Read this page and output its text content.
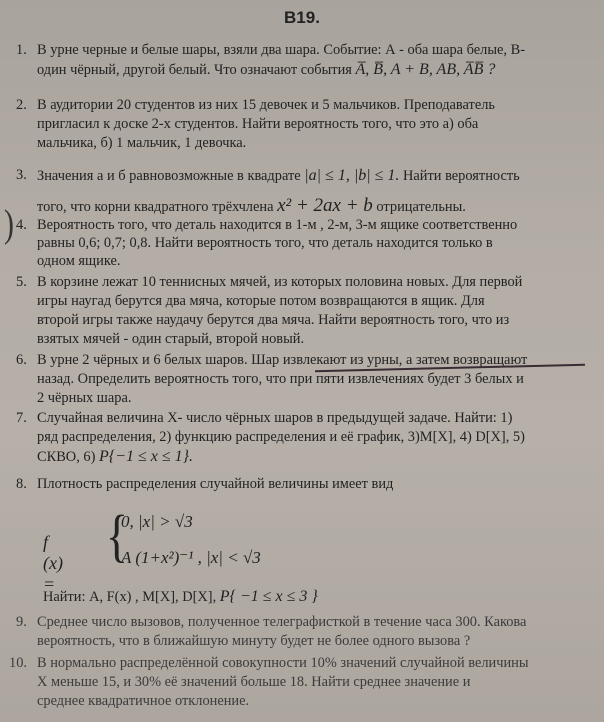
B19.
1. В урне черные и белые шары, взяли два шара. Событие: А - оба шара белые, В-
один чёрный, другой белый. Что означают события A̅, B̅, A + B, AB, A̅B̅ ?
2. В аудитории 20 студентов из них 15 девочек и 5 мальчиков. Преподаватель
пригласил к доске 2-х студентов. Найти вероятность того, что это а) оба
мальчика, б) 1 мальчик, 1 девочка.
3. Значения а и б равновозможные в квадрате |a| ≤ 1, |b| ≤ 1. Найти вероятность
того, что корни квадратного трёхчлена x² + 2ax + b отрицательны.
) 4. Вероятность того, что деталь находится в 1-м , 2-м, 3-м ящике соответственно
равны 0,6; 0,7; 0,8. Найти вероятность того, что деталь находится только в
одном ящике.
5. В корзине лежат 10 теннисных мячей, из которых половина новых. Для первой
игры наугад берутся два мяча, которые потом возвращаются в ящик. Для
второй игры также наудачу берутся два мяча. Найти вероятность того, что из
взятых мячей - один старый, второй новый.
6. В урне 2 чёрных и 6 белых шаров. Шар извлекают из урны, а затем возвращают
назад. Определить вероятность того, что при пяти извлечениях будет 3 белых и
2 чёрных шара.
7. Случайная величина Х- число чёрных шаров в предыдущей задаче. Найти: 1)
ряд распределения, 2) функцию распределения и её график, 3)M[X], 4) D[X], 5)
СКВО, 6) P{−1 ≤ x ≤ 1}.
8. Плотность распределения случайной величины имеет вид
f (x) =
{
0, |x| > √3
A (1+x²)⁻¹ , |x| < √3
Найти: A, F(x) , M[X], D[X], P{ −1 ≤ x ≤ 3 }
9. Среднее число вызовов, полученное телеграфисткой в течение часа 300. Какова
вероятность, что в ближайшую минуту будет не более одного вызова ?
10. В нормально распределённой совокупности 10% значений случайной величины
Х меньше 15, и 30% её значений больше 18. Найти среднее значение и
среднее квадратичное отклонение.
